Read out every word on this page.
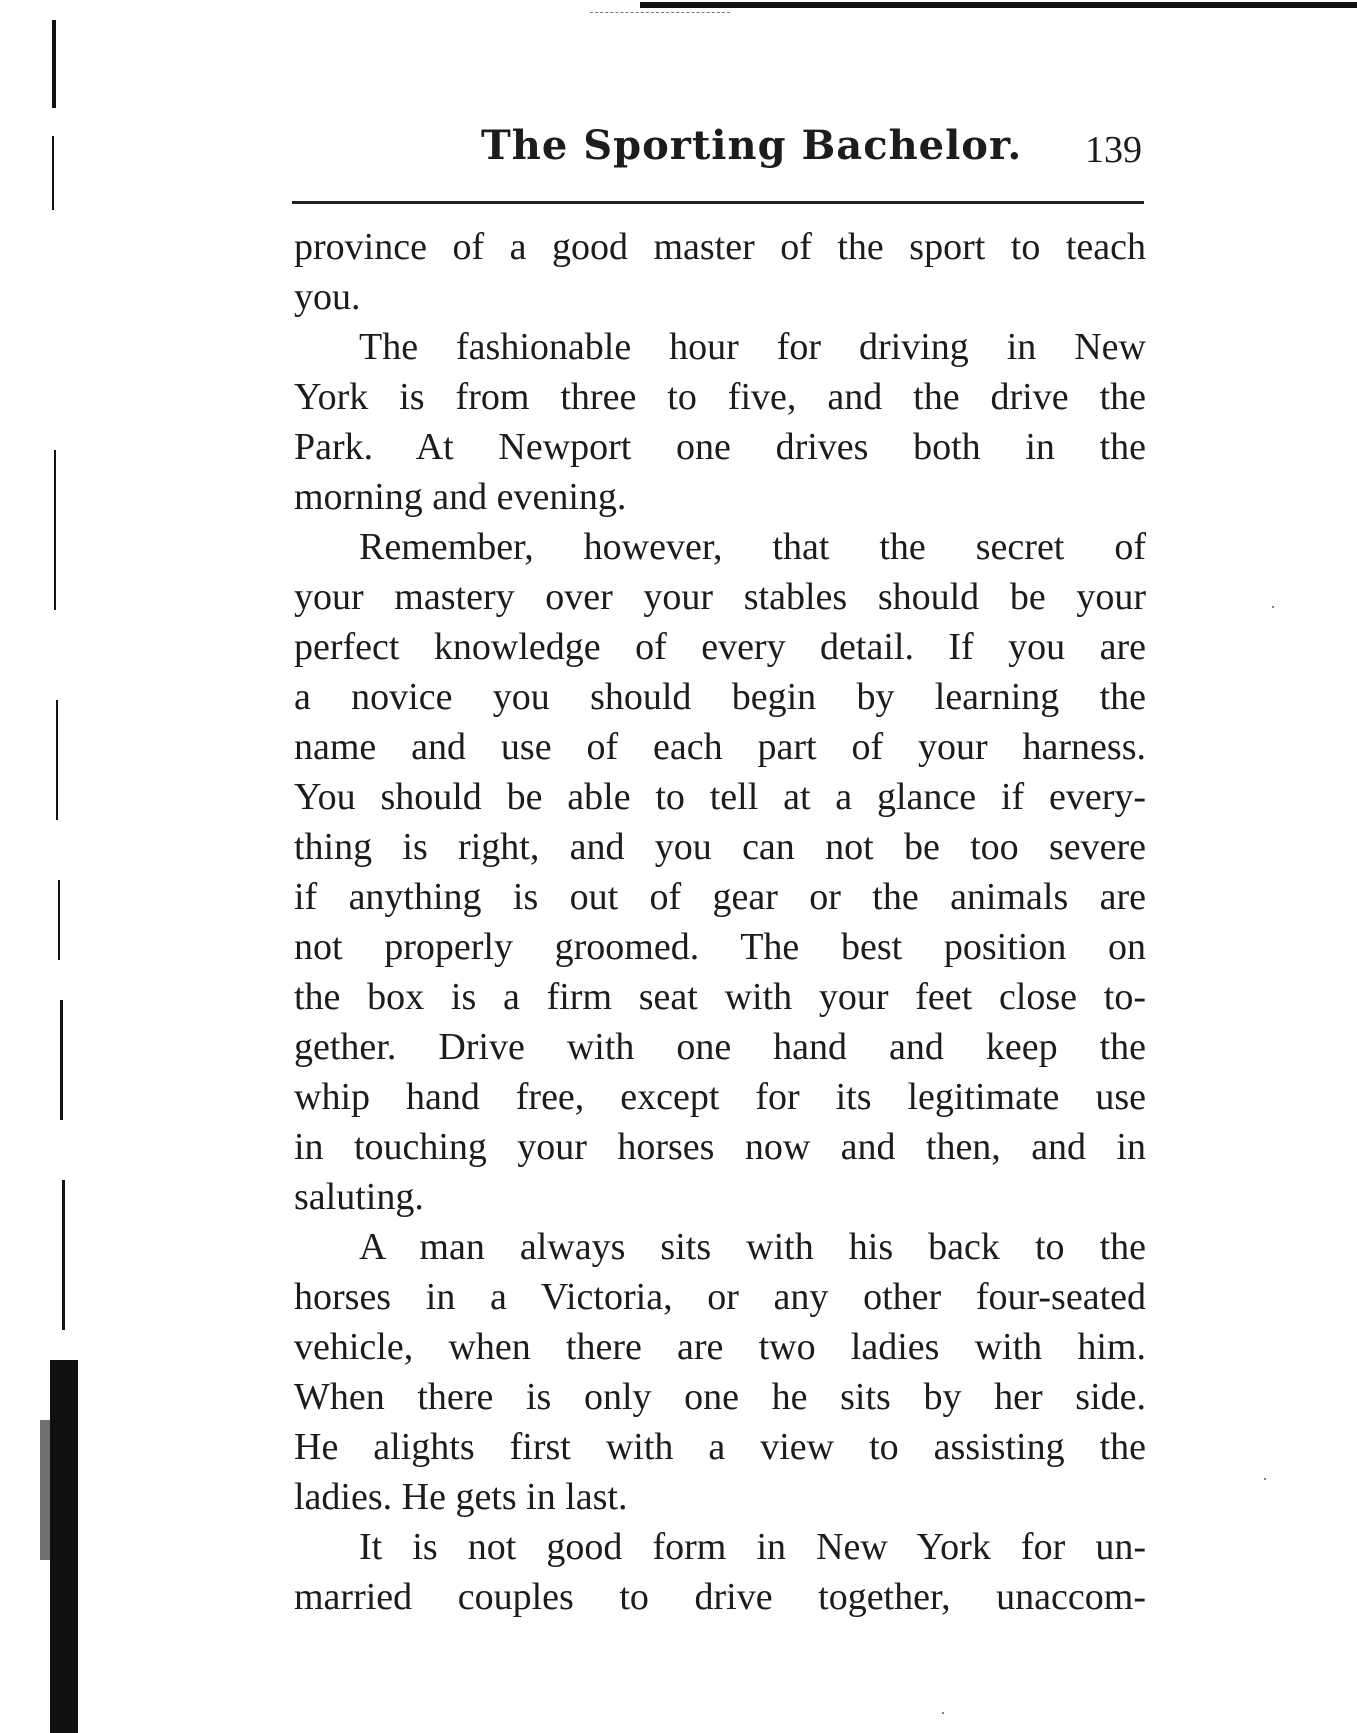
The Sporting Bachelor. 139
province of a good master of the sport to teach
you.
The fashionable hour for driving in New
York is from three to five, and the drive the
Park. At Newport one drives both in the
morning and evening.
Remember, however, that the secret of
your mastery over your stables should be your
perfect knowledge of every detail. If you are
a novice you should begin by learning the
name and use of each part of your harness.
You should be able to tell at a glance if every-
thing is right, and you can not be too severe
if anything is out of gear or the animals are
not properly groomed. The best position on
the box is a firm seat with your feet close to-
gether. Drive with one hand and keep the
whip hand free, except for its legitimate use
in touching your horses now and then, and in
saluting.
A man always sits with his back to the
horses in a Victoria, or any other four-seated
vehicle, when there are two ladies with him.
When there is only one he sits by her side.
He alights first with a view to assisting the
ladies. He gets in last.
It is not good form in New York for un-
married couples to drive together, unaccom-
